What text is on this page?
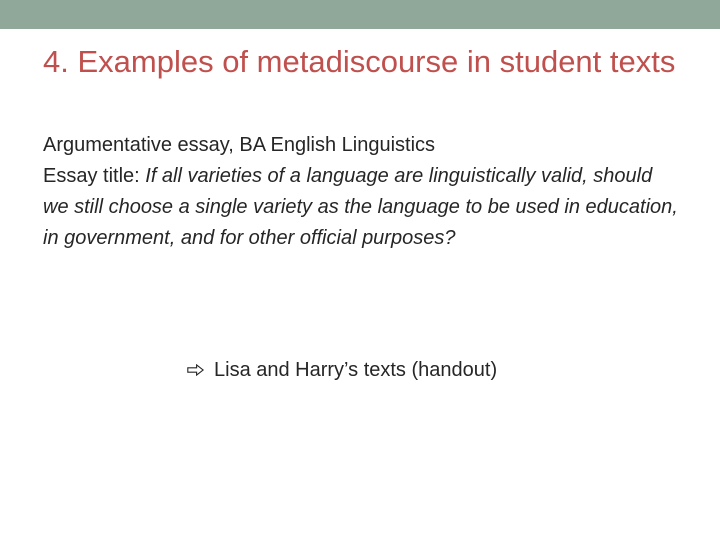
4. Examples of metadiscourse in student texts

Argumentative essay, BA English Linguistics

Essay title: If all varieties of a language are linguistically valid, should we still choose a single variety as the language to be used in education, in government, and for other official purposes?

Lisa and Harry’s texts (handout)
